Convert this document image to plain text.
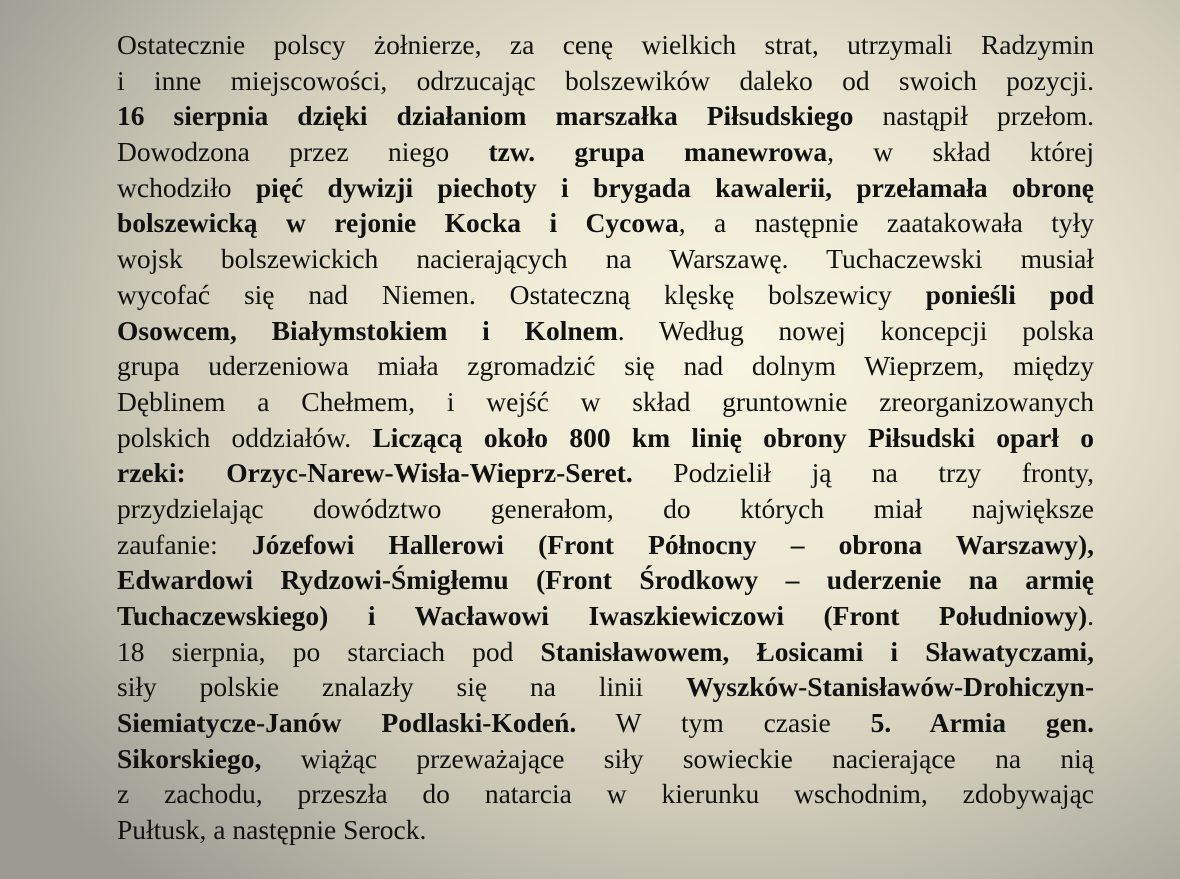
Ostatecznie polscy żołnierze, za cenę wielkich strat, utrzymali Radzymin
i inne miejscowości, odrzucając bolszewików daleko od swoich pozycji.
16 sierpnia dzięki działaniom marszałka Piłsudskiego nastąpił przełom.
Dowodzona przez niego tzw. grupa manewrowa, w skład której
wchodziło pięć dywizji piechoty i brygada kawalerii, przełamała obronę
bolszewicką w rejonie Kocka i Cycowa, a następnie zaatakowała tyły
wojsk bolszewickich nacierających na Warszawę. Tuchaczewski musiał
wycofać się nad Niemen. Ostateczną klęskę bolszewicy ponieśli pod
Osowcem, Białymstokiem i Kolnem. Według nowej koncepcji polska
grupa uderzeniowa miała zgromadzić się nad dolnym Wieprzem, między
Dęblinem a Chełmem, i wejść w skład gruntownie zreorganizowanych
polskich oddziałów. Liczącą około 800 km linię obrony Piłsudski oparł o
rzeki: Orzyc-Narew-Wisła-Wieprz-Seret. Podzielił ją na trzy fronty,
przydzielając dowództwo generałom, do których miał największe
zaufanie: Józefowi Hallerowi (Front Północny – obrona Warszawy),
Edwardowi Rydzowi-Śmigłemu (Front Środkowy – uderzenie na armię
Tuchaczewskiego) i Wacławowi Iwaszkiewiczowi (Front Południowy).
18 sierpnia, po starciach pod Stanisławowem, Łosicami i Sławatyczami,
siły polskie znalazły się na linii Wyszków-Stanisławów-Drohiczyn-
Siemiatycze-Janów Podlaski-Kodeń. W tym czasie 5. Armia gen.
Sikorskiego, wiążąc przeważające siły sowieckie nacierające na nią
z zachodu, przeszła do natarcia w kierunku wschodnim, zdobywając
Pułtusk, a następnie Serock.
